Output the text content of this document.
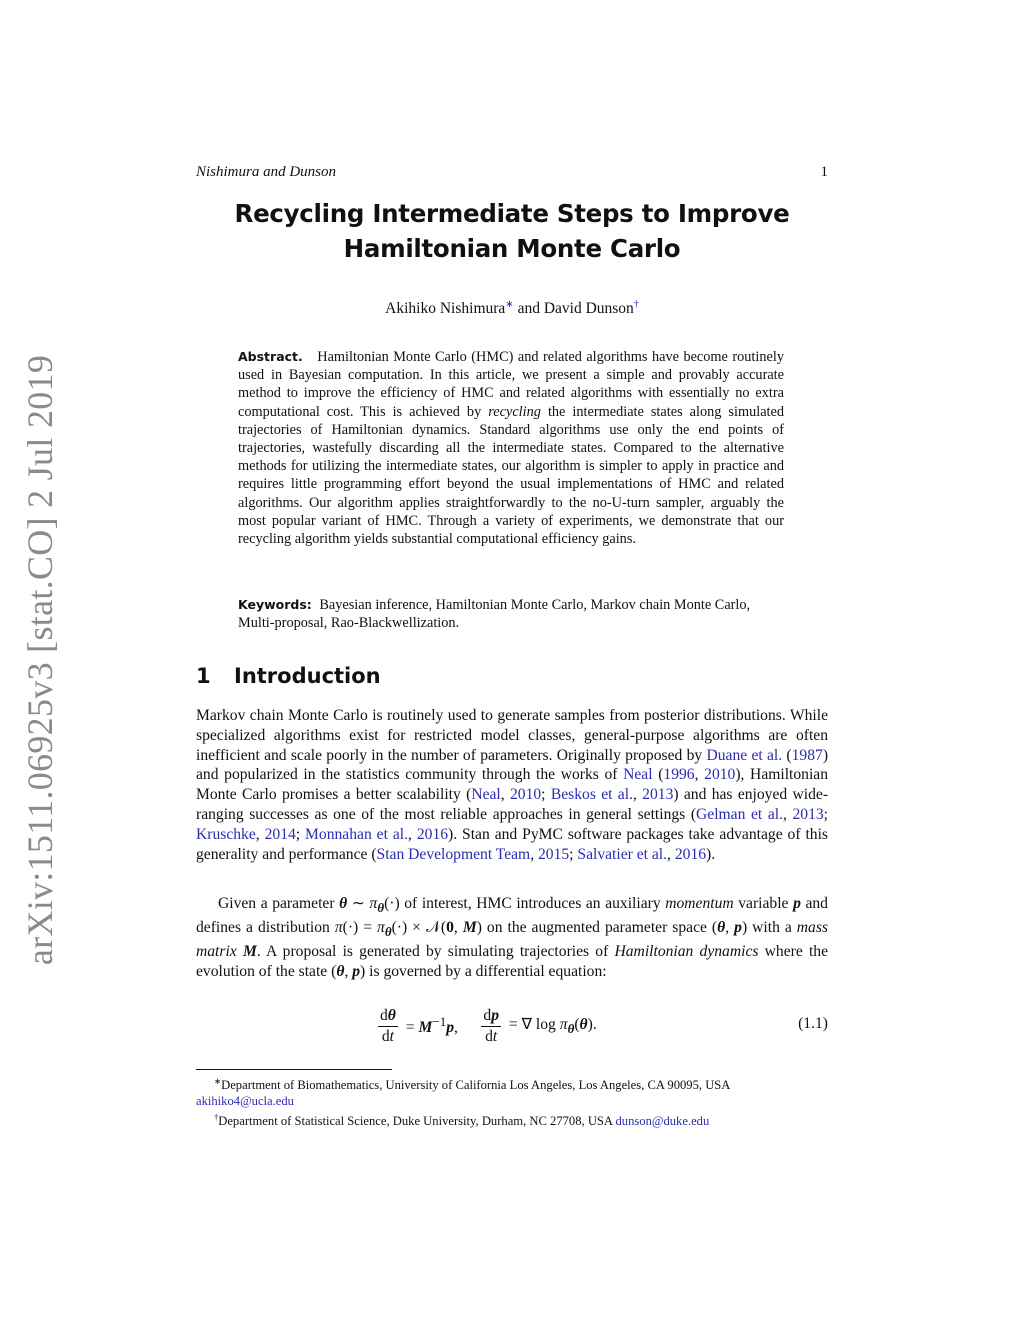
arXiv:1511.06925v3 [stat.CO] 2 Jul 2019
Nishimura and Dunson	1
Recycling Intermediate Steps to Improve
Hamiltonian Monte Carlo
Akihiko Nishimura∗ and David Dunson†
Abstract. Hamiltonian Monte Carlo (HMC) and related algorithms have become routinely used in Bayesian computation. In this article, we present a simple and provably accurate method to improve the efficiency of HMC and related algorithms with essentially no extra computational cost. This is achieved by recycling the intermediate states along simulated trajectories of Hamiltonian dynamics. Standard algorithms use only the end points of trajectories, wastefully discarding all the intermediate states. Compared to the alternative methods for utilizing the intermediate states, our algorithm is simpler to apply in practice and requires little programming effort beyond the usual implementations of HMC and related algorithms. Our algorithm applies straightforwardly to the no-U-turn sampler, arguably the most popular variant of HMC. Through a variety of experiments, we demonstrate that our recycling algorithm yields substantial computational efficiency gains.
Keywords: Bayesian inference, Hamiltonian Monte Carlo, Markov chain Monte Carlo, Multi-proposal, Rao-Blackwellization.
1 Introduction
Markov chain Monte Carlo is routinely used to generate samples from posterior distributions. While specialized algorithms exist for restricted model classes, general-purpose algorithms are often inefficient and scale poorly in the number of parameters. Originally proposed by Duane et al. (1987) and popularized in the statistics community through the works of Neal (1996, 2010), Hamiltonian Monte Carlo promises a better scalability (Neal, 2010; Beskos et al., 2013) and has enjoyed wide-ranging successes as one of the most reliable approaches in general settings (Gelman et al., 2013; Kruschke, 2014; Monnahan et al., 2016). Stan and PyMC software packages take advantage of this generality and performance (Stan Development Team, 2015; Salvatier et al., 2016).
Given a parameter θ ∼ $\pi_\theta(\cdot)$ of interest, HMC introduces an auxiliary momentum variable p and defines a distribution $\pi(\cdot) = \pi_\theta(\cdot)$ × 𝒩(0, M) on the augmented parameter space (θ, p) with a mass matrix M. A proposal is generated by simulating trajectories of Hamiltonian dynamics where the evolution of the state (θ, p) is governed by a differential equation:
$\frac{d\theta}{dt} = M^{-1}p$, $\frac{dp}{dt}$ = ∇ $\log \pi_\theta(\theta)$.	(1.1)
∗Department of Biomathematics, University of California Los Angeles, Los Angeles, CA 90095, USA akihiko4@ucla.edu
†Department of Statistical Science, Duke University, Durham, NC 27708, USA dunson@duke.edu
